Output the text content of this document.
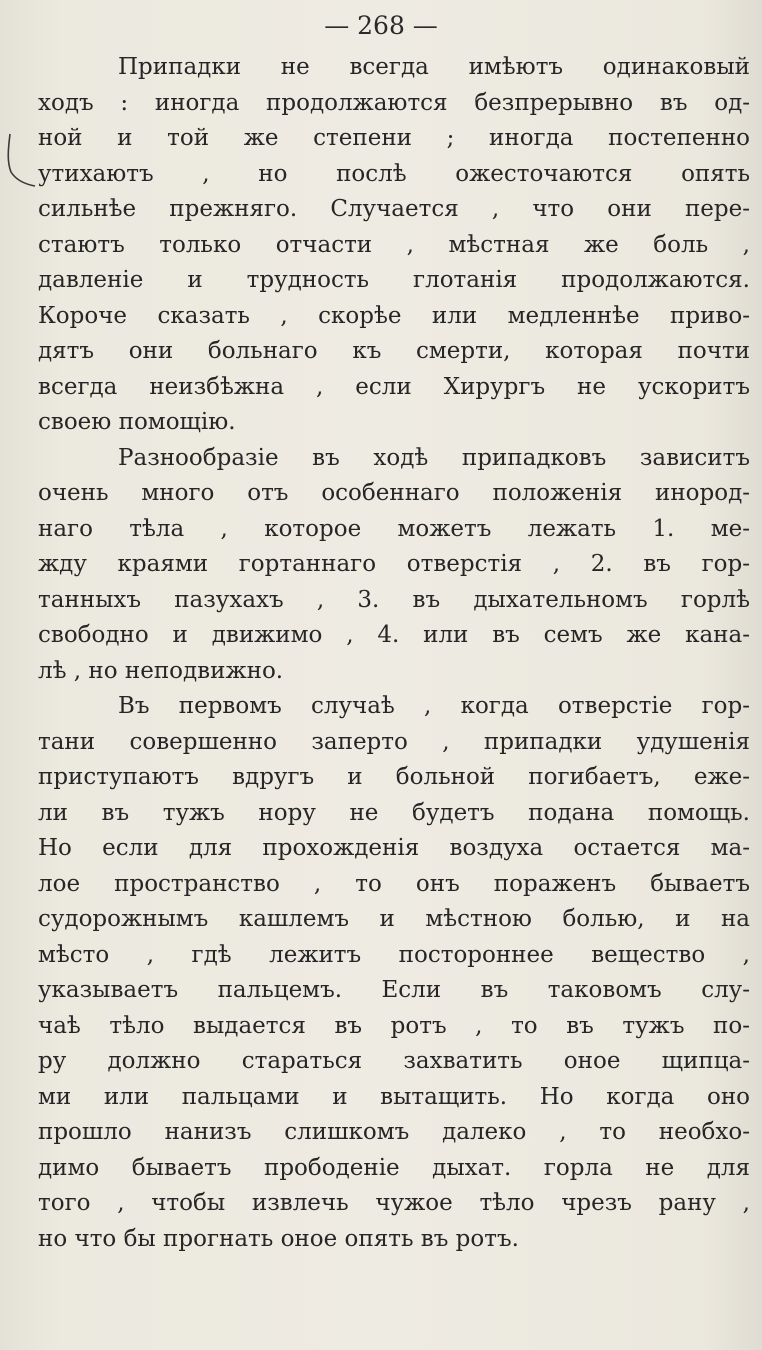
— 268 —
Припадки не всегда имѣютъ одинаковый
ходъ : иногда продолжаются безпрерывно въ од-
ной и той же степени ; иногда постепенно
утихаютъ , но послѣ ожесточаются опять
сильнѣе прежняго. Случается , что они пере-
стаютъ только отчасти , мѣстная же боль ,
давленіе и трудность глотанія продолжаются.
Короче сказать , скорѣе или медленнѣе приво-
дятъ они больнаго къ смерти, которая почти
всегда неизбѣжна , если Хирургъ не ускоритъ
своею помощію.
Разнообразіе въ ходѣ припадковъ зависитъ
очень много отъ особеннаго положенія инород-
наго тѣла , которое можетъ лежать 1. ме-
жду краями гортаннаго отверстія , 2. въ гор-
танныхъ пазухахъ , 3. въ дыхательномъ горлѣ
свободно и движимо , 4. или въ семъ же кана-
лѣ , но неподвижно.
Въ первомъ случаѣ , когда отверстіе гор-
тани совершенно заперто , припадки удушенія
приступаютъ вдругъ и больной погибаетъ, еже-
ли въ тужъ нору не будетъ подана помощь.
Но если для прохожденія воздуха остается ма-
лое пространство , то онъ пораженъ бываетъ
судорожнымъ кашлемъ и мѣстною болью, и на
мѣсто , гдѣ лежитъ постороннее вещество ,
указываетъ пальцемъ. Если въ таковомъ слу-
чаѣ тѣло выдается въ ротъ , то въ тужъ по-
ру должно стараться захватить оное щипца-
ми или пальцами и вытащить. Но когда оно
прошло нанизъ слишкомъ далеко , то необхо-
димо бываетъ прободеніе дыхат. горла не для
того , чтобы извлечь чужое тѣло чрезъ рану ,
но что бы прогнать оное опять въ ротъ.
